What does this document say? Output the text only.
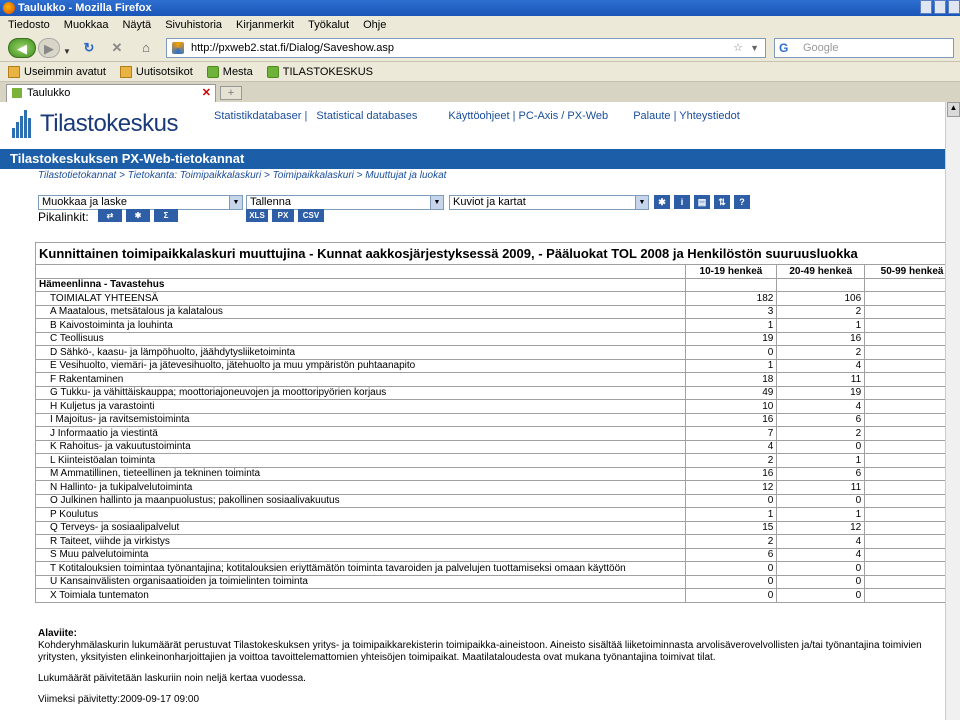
Taulukko - Mozilla Firefox
Tiedosto Muokkaa Näytä Sivuhistoria Kirjanmerkit Työkalut Ohje
◀	▶	▼ ↻ ✕	⌂	http://pxweb2.stat.fi/Dialog/Saveshow.asp	☆ ▼ G	Google
Useimmin avatut	Uutisotsikot	Mesta	TILASTOKESKUS
Taulukko	✕	+
Tilastokeskus	Statistikdatabaser | Statistical databases	Käyttöohjeet | PC-Axis / PX-Web Palaute | Yhteystiedot
Tilastokeskuksen PX-Web-tietokannat
Tilastotietokannat > Tietokanta: Toimipaikkalaskuri > Toimipaikkalaskuri > Muuttujat ja luokat
Muokkaa ja laske	▼ Tallenna	▼	Kuviot ja kartat	▼	✱	i	▤	⇅	?
Pikalinkit:	⇄	✱	Σ	XLS	PX	CSV
Kunnittainen toimipaikkalaskuri muuttujina - Kunnat aakkosjärjestyksessä 2009, - Pääluokat TOL 2008 ja Henkilöstön suuruusluokka			
	10-19 henkeä	20-49 henkeä	50-99 henkeä
Hämeenlinna - Tavastehus			
TOIMIALAT YHTEENSÄ	182	106	
A Maatalous, metsätalous ja kalatalous	3	2	
B Kaivostoiminta ja louhinta	1	1	
C Teollisuus	19	16	
D Sähkö-, kaasu- ja lämpöhuolto, jäähdytysliiketoiminta	0	2	
E Vesihuolto, viemäri- ja jätevesihuolto, jätehuolto ja muu ympäristön puhtaanapito	1	4	
F Rakentaminen	18	11	
G Tukku- ja vähittäiskauppa; moottoriajoneuvojen ja moottoripyörien korjaus	49	19	
H Kuljetus ja varastointi	10	4	
I Majoitus- ja ravitsemistoiminta	16	6	
J Informaatio ja viestintä	7	2	
K Rahoitus- ja vakuutustoiminta	4	0	
L Kiinteistöalan toiminta	2	1	
M Ammatillinen, tieteellinen ja tekninen toiminta	16	6	
N Hallinto- ja tukipalvelutoiminta	12	11	
O Julkinen hallinto ja maanpuolustus; pakollinen sosiaalivakuutus	0	0	
P Koulutus	1	1	
Q Terveys- ja sosiaalipalvelut	15	12	
R Taiteet, viihde ja virkistys	2	4	
S Muu palvelutoiminta	6	4	
T Kotitalouksien toimintaa työnantajina; kotitalouksien eriyttämätön toiminta tavaroiden ja palvelujen tuottamiseksi omaan käyttöön	0	0	
U Kansainvälisten organisaatioiden ja toimielinten toiminta	0	0	
X Toimiala tuntematon	0	0	
Alaviite:

Kohderyhmälaskurin lukumäärät perustuvat Tilastokeskuksen yritys- ja toimipaikkarekisterin toimipaikka-aineistoon. Aineisto sisältää liiketoiminnasta arvolisäverovelvollisten ja/tai työnantajina toimivien yritysten, yksityisten elinkeinonharjoittajien ja voittoa tavoittelemattomien yhteisöjen toimipaikat. Maatilataloudesta ovat mukana työnantajina toimivat tilat.

Lukumäärät päivitetään laskuriin noin neljä kertaa vuodessa.

Viimeksi päivitetty:2009-09-17 09:00

▲
